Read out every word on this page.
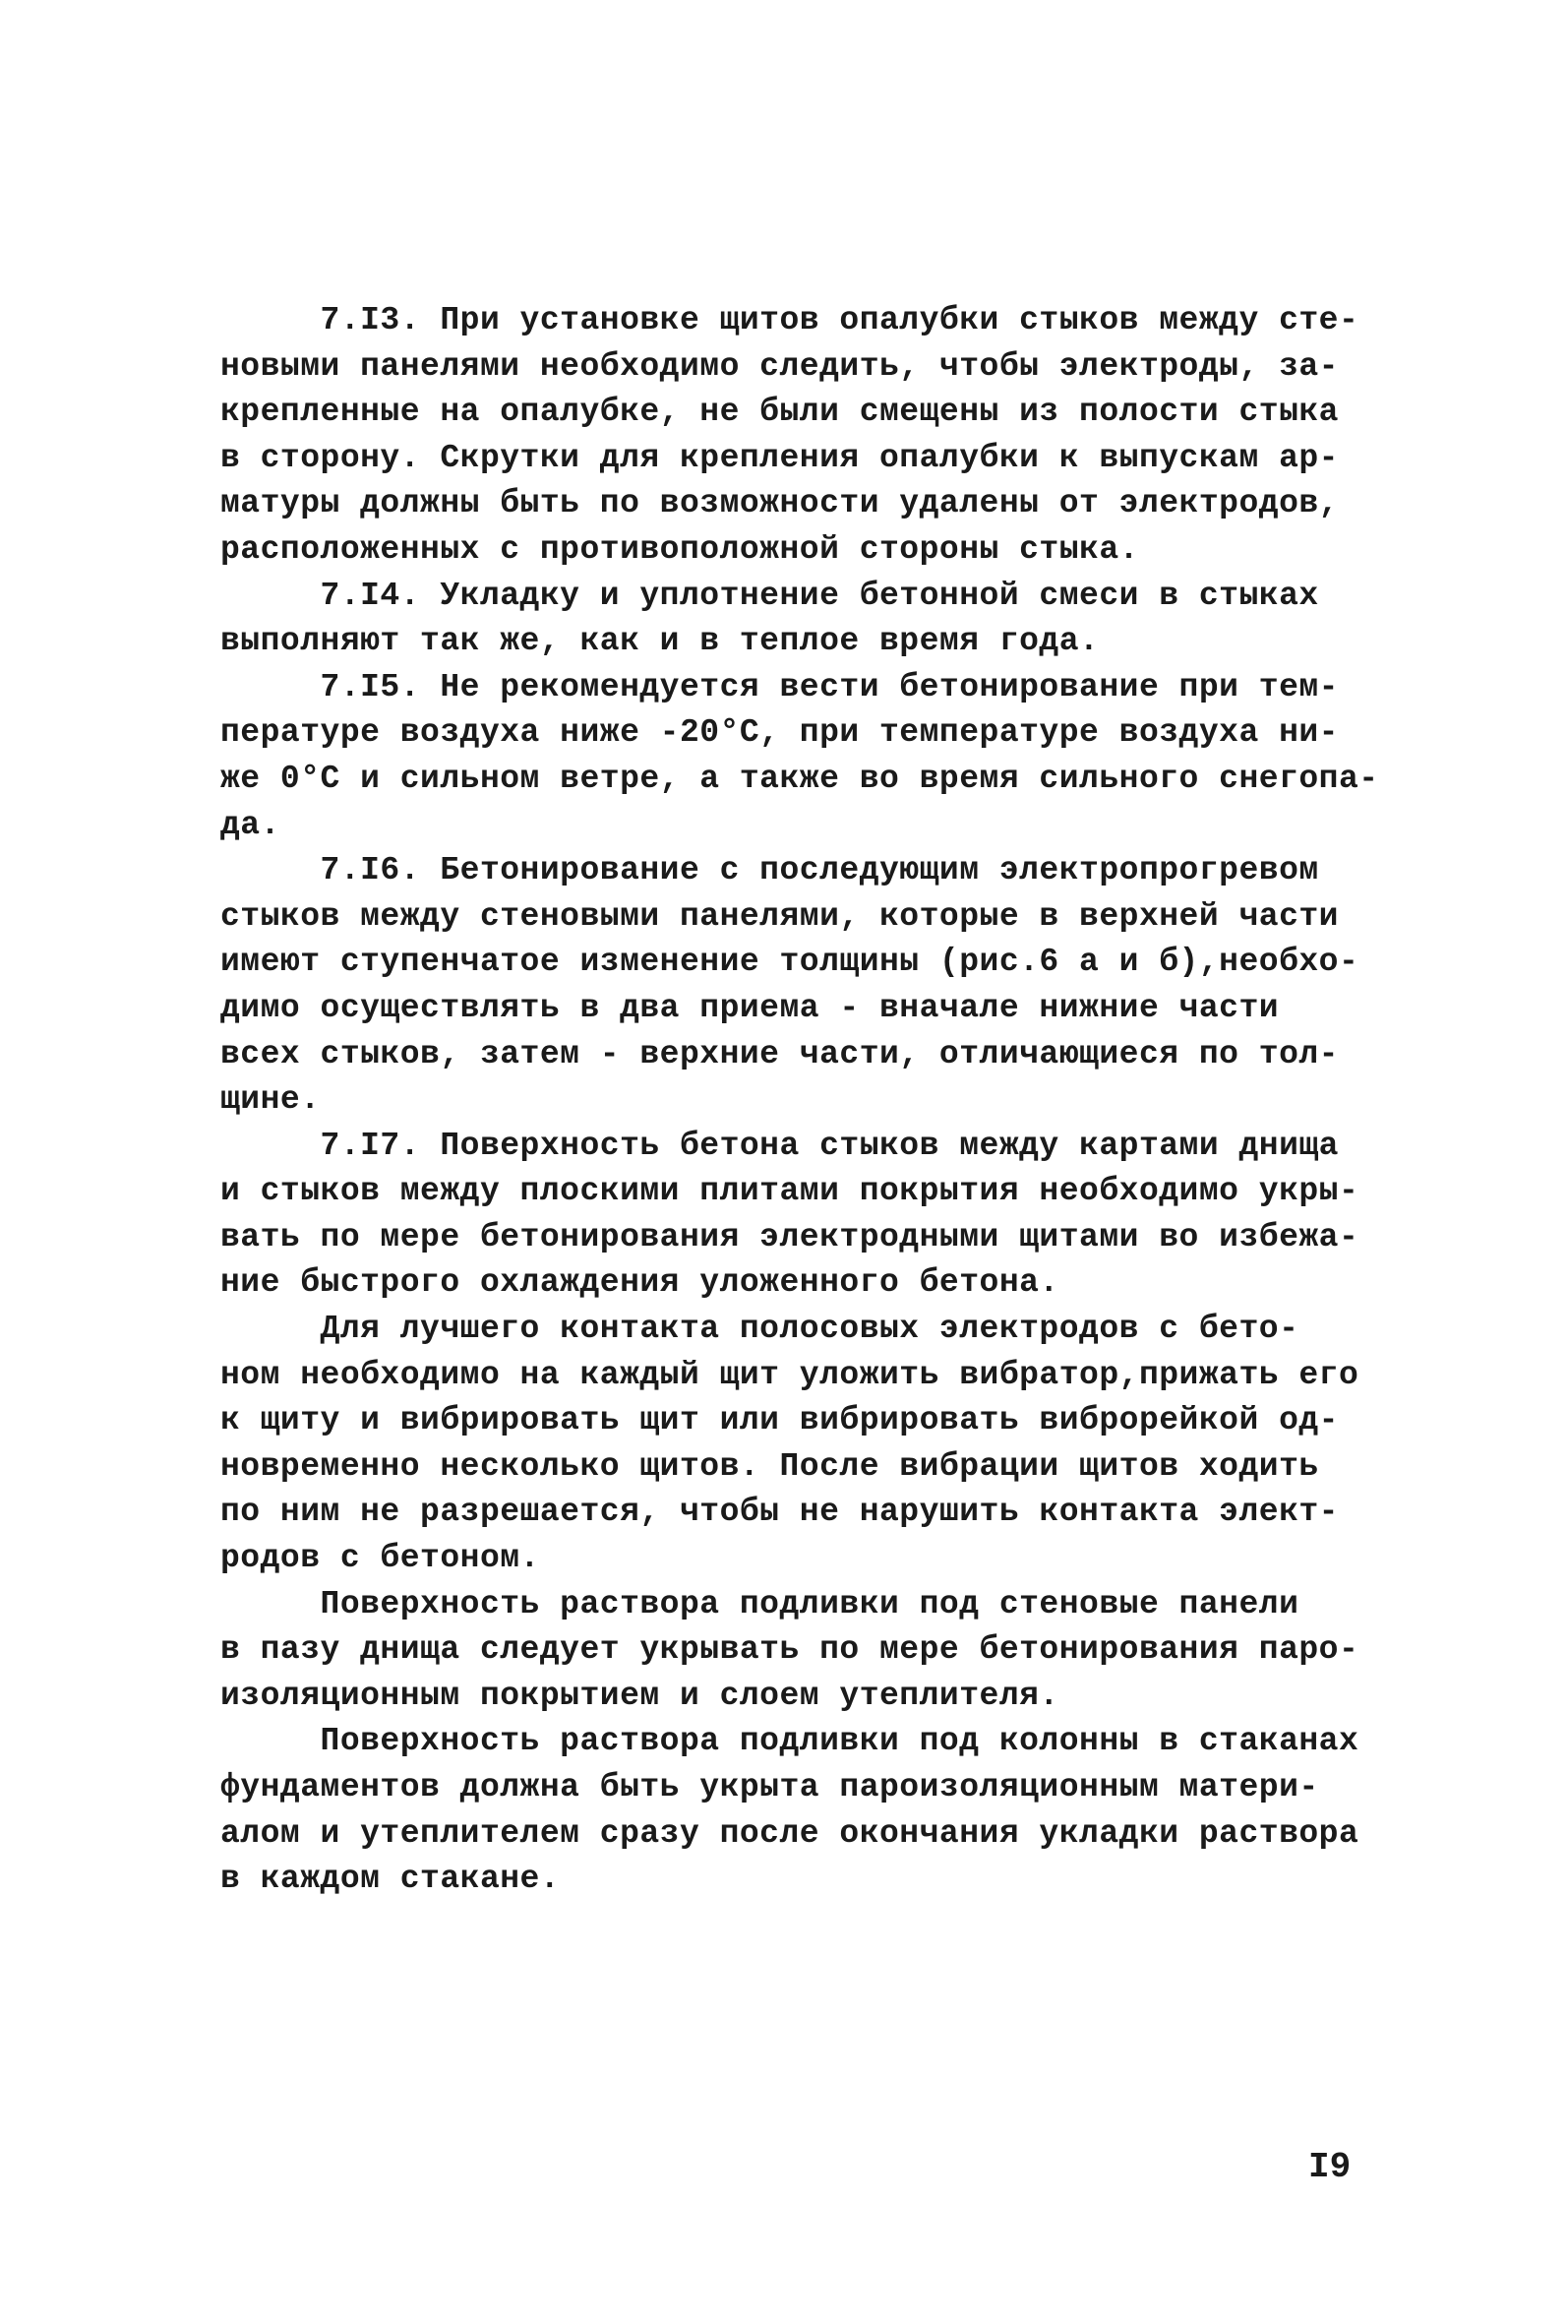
7.I3. При установке щитов опалубки стыков между сте-
новыми панелями необходимо следить, чтобы электроды, за-
крепленные на опалубке, не были смещены из полости стыка
в сторону. Скрутки для крепления опалубки к выпускам ар-
матуры должны быть по возможности удалены от электродов,
расположенных с противоположной стороны стыка.
7.I4. Укладку и уплотнение бетонной смеси в стыках
выполняют так же, как и в теплое время года.
7.I5. Не рекомендуется вести бетонирование при тем-
пературе воздуха ниже -20°С, при температуре воздуха ни-
же 0°С и сильном ветре, а также во время сильного снегопа-
да.
7.I6. Бетонирование с последующим электропрогревом
стыков между стеновыми панелями, которые в верхней части
имеют ступенчатое изменение толщины (рис.6 а и б),необхо-
димо осуществлять в два приема - вначале нижние части
всех стыков, затем - верхние части, отличающиеся по тол-
щине.
7.I7. Поверхность бетона стыков между картами днища
и стыков между плоскими плитами покрытия необходимо укры-
вать по мере бетонирования электродными щитами во избежа-
ние быстрого охлаждения уложенного бетона.
Для лучшего контакта полосовых электродов с бето-
ном необходимо на каждый щит уложить вибратор,прижать его
к щиту и вибрировать щит или вибрировать виброрейкой од-
новременно несколько щитов. После вибрации щитов ходить
по ним не разрешается, чтобы не нарушить контакта элект-
родов с бетоном.
Поверхность раствора подливки под стеновые панели
в пазу днища следует укрывать по мере бетонирования паро-
изоляционным покрытием и слоем утеплителя.
Поверхность раствора подливки под колонны в стаканах
фундаментов должна быть укрыта пароизоляционным матери-
алом и утеплителем сразу после окончания укладки раствора
в каждом стакане.
I9
